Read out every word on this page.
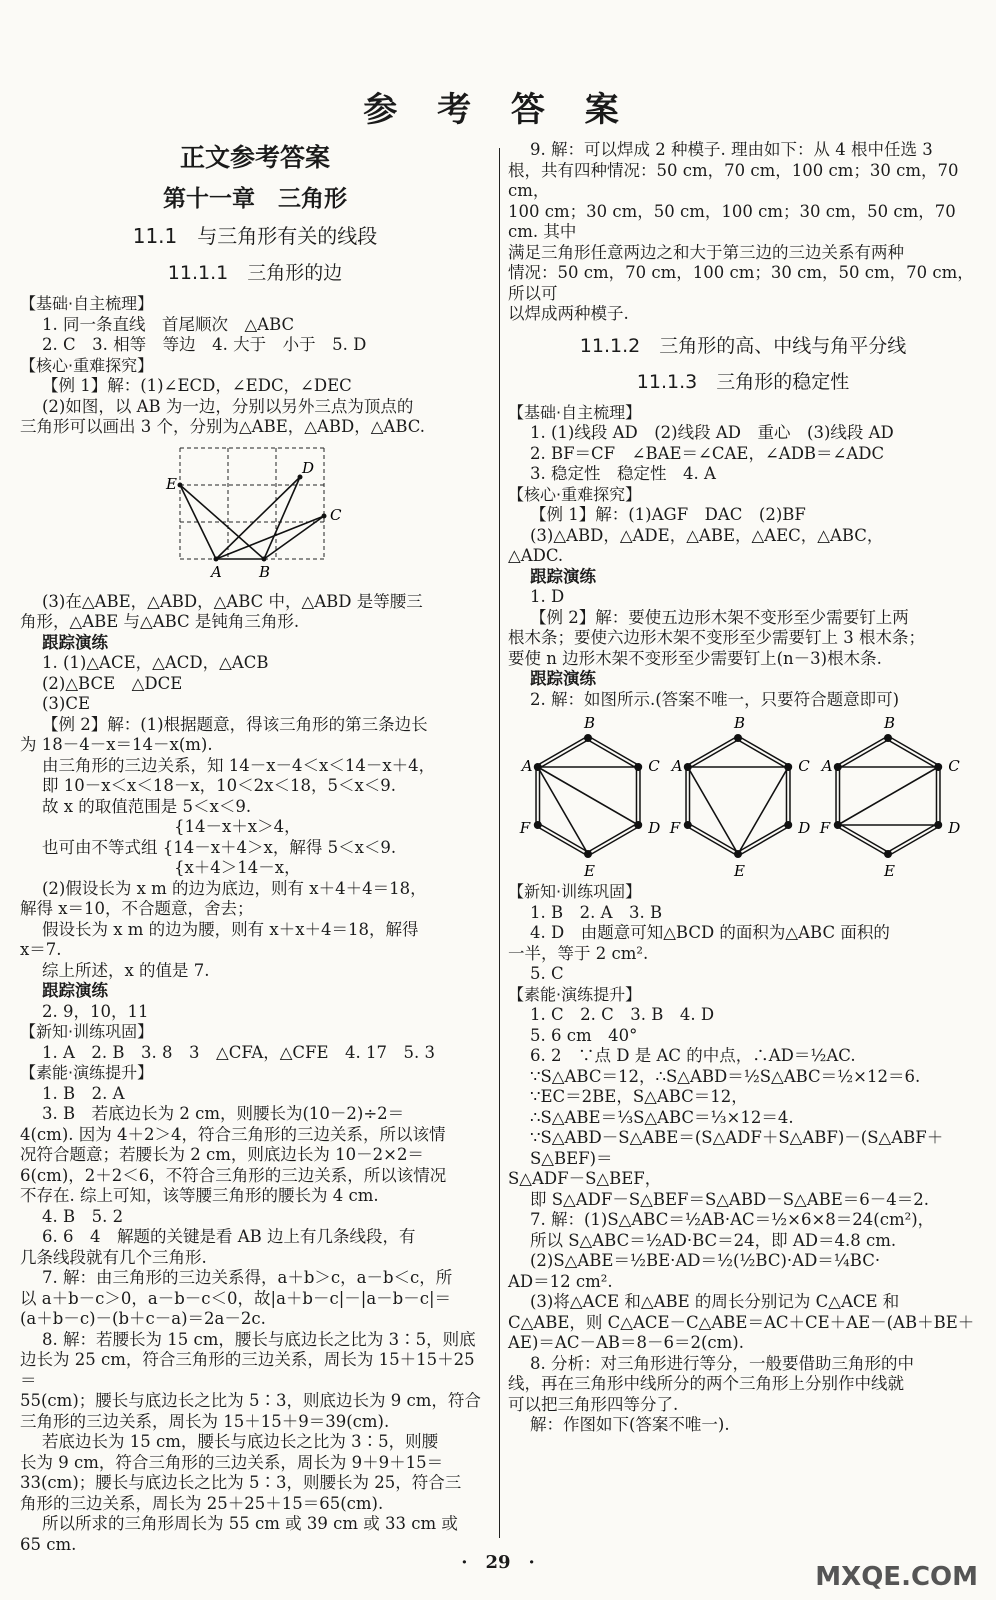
参 考 答 案
正文参考答案
第十一章　三角形
11.1　与三角形有关的线段
11.1.1　三角形的边

【基础·自主梳理】

1. 同一条直线　首尾顺次　△ABC

2. C　3. 相等　等边　4. 大于　小于　5. D

【核心·重难探究】

【例 1】解：(1)∠ECD，∠EDC，∠DEC

(2)如图，以 AB 为一边，分别以另外三点为顶点的

三角形可以画出 3 个，分别为△ABE，△ABD，△ABC.

E
D
C
A B

(3)在△ABE，△ABD，△ABC 中，△ABD 是等腰三

角形，△ABE 与△ABC 是钝角三角形.

跟踪演练

1. (1)△ACE，△ACD，△ACB

(2)△BCE　△DCE

(3)CE

【例 2】解：(1)根据题意，得该三角形的第三条边长

为 18－4－x＝14－x(m).

由三角形的三边关系，知 14－x－4＜x＜14－x＋4，

即 10－x＜x＜18－x，10＜2x＜18，5＜x＜9.

故 x 的取值范围是 5＜x＜9.

　　　　　　　　{14－x＋x＞4，

也可由不等式组 {14－x＋4＞x，解得 5＜x＜9.

　　　　　　　　{x＋4＞14－x，

(2)假设长为 x m 的边为底边，则有 x＋4＋4＝18，

解得 x＝10，不合题意，舍去；

假设长为 x m 的边为腰，则有 x＋x＋4＝18，解得

x＝7.

综上所述，x 的值是 7.

跟踪演练

2. 9，10，11

【新知·训练巩固】

1. A　2. B　3. 8　3　△CFA，△CFE　4. 17　5. 3

【素能·演练提升】

1. B　2. A

3. B　若底边长为 2 cm，则腰长为(10－2)÷2＝

4(cm). 因为 4＋2＞4，符合三角形的三边关系，所以该情

况符合题意；若腰长为 2 cm，则底边长为 10－2×2＝

6(cm)，2＋2＜6，不符合三角形的三边关系，所以该情况

不存在. 综上可知，该等腰三角形的腰长为 4 cm.

4. B　5. 2

6. 6　4　解题的关键是看 AB 边上有几条线段，有

几条线段就有几个三角形.

7. 解：由三角形的三边关系得，a＋b＞c，a－b＜c，所

以 a＋b－c＞0，a－b－c＜0，故|a＋b－c|－|a－b－c|＝

(a＋b－c)－(b＋c－a)＝2a－2c.

8. 解：若腰长为 15 cm，腰长与底边长之比为 3∶5，则底

边长为 25 cm，符合三角形的三边关系，周长为 15＋15＋25＝

55(cm)；腰长与底边长之比为 5∶3，则底边长为 9 cm，符合

三角形的三边关系，周长为 15＋15＋9＝39(cm).

若底边长为 15 cm，腰长与底边长之比为 3∶5，则腰

长为 9 cm，符合三角形的三边关系，周长为 9＋9＋15＝

33(cm)；腰长与底边长之比为 5∶3，则腰长为 25，符合三

角形的三边关系，周长为 25＋25＋15＝65(cm).

所以所求的三角形周长为 55 cm 或 39 cm 或 33 cm 或

65 cm.

9. 解：可以焊成 2 种模子. 理由如下：从 4 根中任选 3

根，共有四种情况：50 cm，70 cm，100 cm；30 cm，70 cm，

100 cm；30 cm，50 cm，100 cm；30 cm，50 cm，70 cm. 其中

满足三角形任意两边之和大于第三边的三边关系有两种

情况：50 cm，70 cm，100 cm；30 cm，50 cm，70 cm，所以可

以焊成两种模子.

11.1.2　三角形的高、中线与角平分线
11.1.3　三角形的稳定性

【基础·自主梳理】

1. (1)线段 AD　(2)线段 AD　重心　(3)线段 AD

2. BF＝CF　∠BAE＝∠CAE，∠ADB＝∠ADC

3. 稳定性　稳定性　4. A

【核心·重难探究】

【例 1】解：(1)AGF　DAC　(2)BF

(3)△ABD，△ADE，△ABE，△AEC，△ABC，

△ADC.

跟踪演练

1. D

【例 2】解：要使五边形木架不变形至少需要钉上两

根木条；要使六边形木架不变形至少需要钉上 3 根木条；

要使 n 边形木架不变形至少需要钉上(n－3)根木条.

跟踪演练

2. 解：如图所示.(答案不唯一，只要符合题意即可)

B
A	C
F	D
E
B
A	C
F	D
E
B
A	C
F	D
E

【新知·训练巩固】

1. B　2. A　3. B

4. D　由题意可知△BCD 的面积为△ABC 面积的

一半，等于 2 cm².

5. C

【素能·演练提升】

1. C　2. C　3. B　4. D

5. 6 cm　40°

6. 2　∵点 D 是 AC 的中点，∴AD＝½AC.

∵S△ABC＝12，∴S△ABD＝½S△ABC＝½×12＝6.

∵EC＝2BE，S△ABC＝12，

∴S△ABE＝⅓S△ABC＝⅓×12＝4.

∵S△ABD－S△ABE＝(S△ADF＋S△ABF)－(S△ABF＋S△BEF)＝

S△ADF－S△BEF，

即 S△ADF－S△BEF＝S△ABD－S△ABE＝6－4＝2.

7. 解：(1)S△ABC＝½AB·AC＝½×6×8＝24(cm²)，

所以 S△ABC＝½AD·BC＝24，即 AD＝4.8 cm.

(2)S△ABE＝½BE·AD＝½(½BC)·AD＝¼BC·

AD＝12 cm².

(3)将△ACE 和△ABE 的周长分别记为 C△ACE 和

C△ABE，则 C△ACE－C△ABE＝AC＋CE＋AE－(AB＋BE＋

AE)＝AC－AB＝8－6＝2(cm).

8. 分析：对三角形进行等分，一般要借助三角形的中

线，再在三角形中线所分的两个三角形上分别作中线就

可以把三角形四等分了.

解：作图如下(答案不唯一).

·　29　·	MXQE.COM
